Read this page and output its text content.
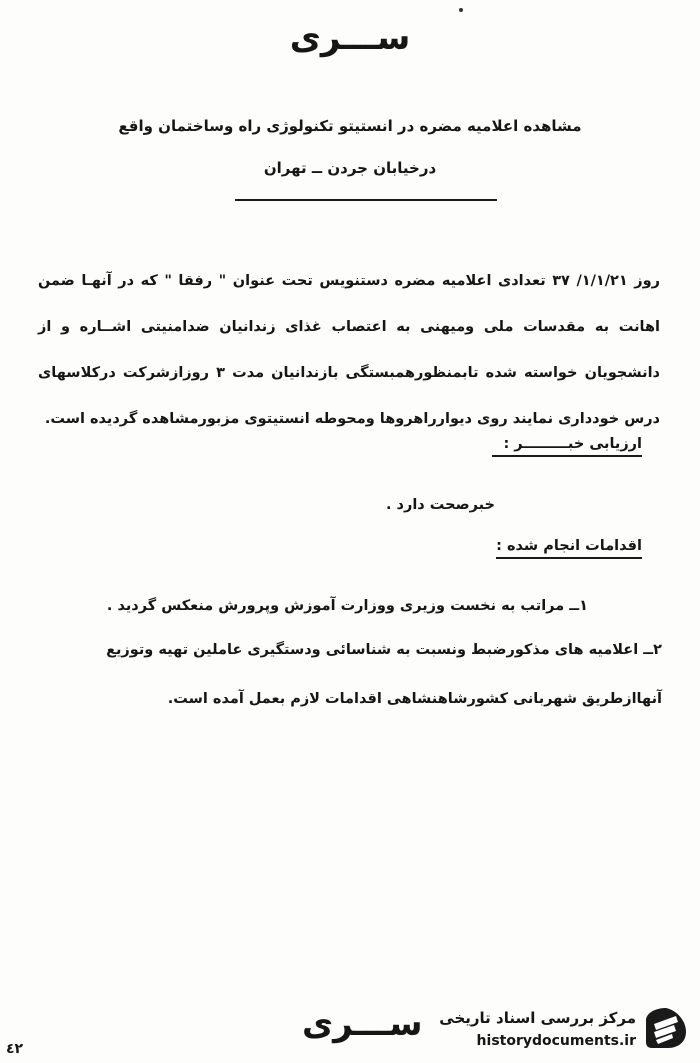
ســـری
مشاهده اعلامیه مضره در انستیتو تکنولوژی راه وساختمان واقع
درخیابان جردن ــ تهران

روز ۱/۱/۲۱/ ۳۷ تعدادی اعلامیه مضره دستنویس تحت عنوان " رفقا " که در آنهـا ضمن اهانت به مقدسات ملی ومیهنی به اعتصاب غذای زندانیان ضدامنیتی اشــاره و از دانشجویان خواسته شده تابمنظورهمبستگی بازندانیان مدت ۳ روزازشرکت درکلاسهای درس خودداری نمایند روی دیوارراهروها ومحوطه انستیتوی مزبورمشاهده گردیده است.

ارزیابی خبـــــــــر :
خبرصحت دارد .
اقدامات انجام شده :
۱ــ مراتب به نخست وزیری ووزارت آموزش وپرورش منعکس گردید .
۲ــ اعلامیه های مذکورضبط ونسبت به شناسائی ودستگیری عاملین تهیه وتوزیع
آنهاازطریق شهربانی کشورشاهنشاهی اقدامات لازم بعمل آمده است.
ســـری
٤٢
مرکز بررسی اسناد تاریخی
historydocuments.ir
